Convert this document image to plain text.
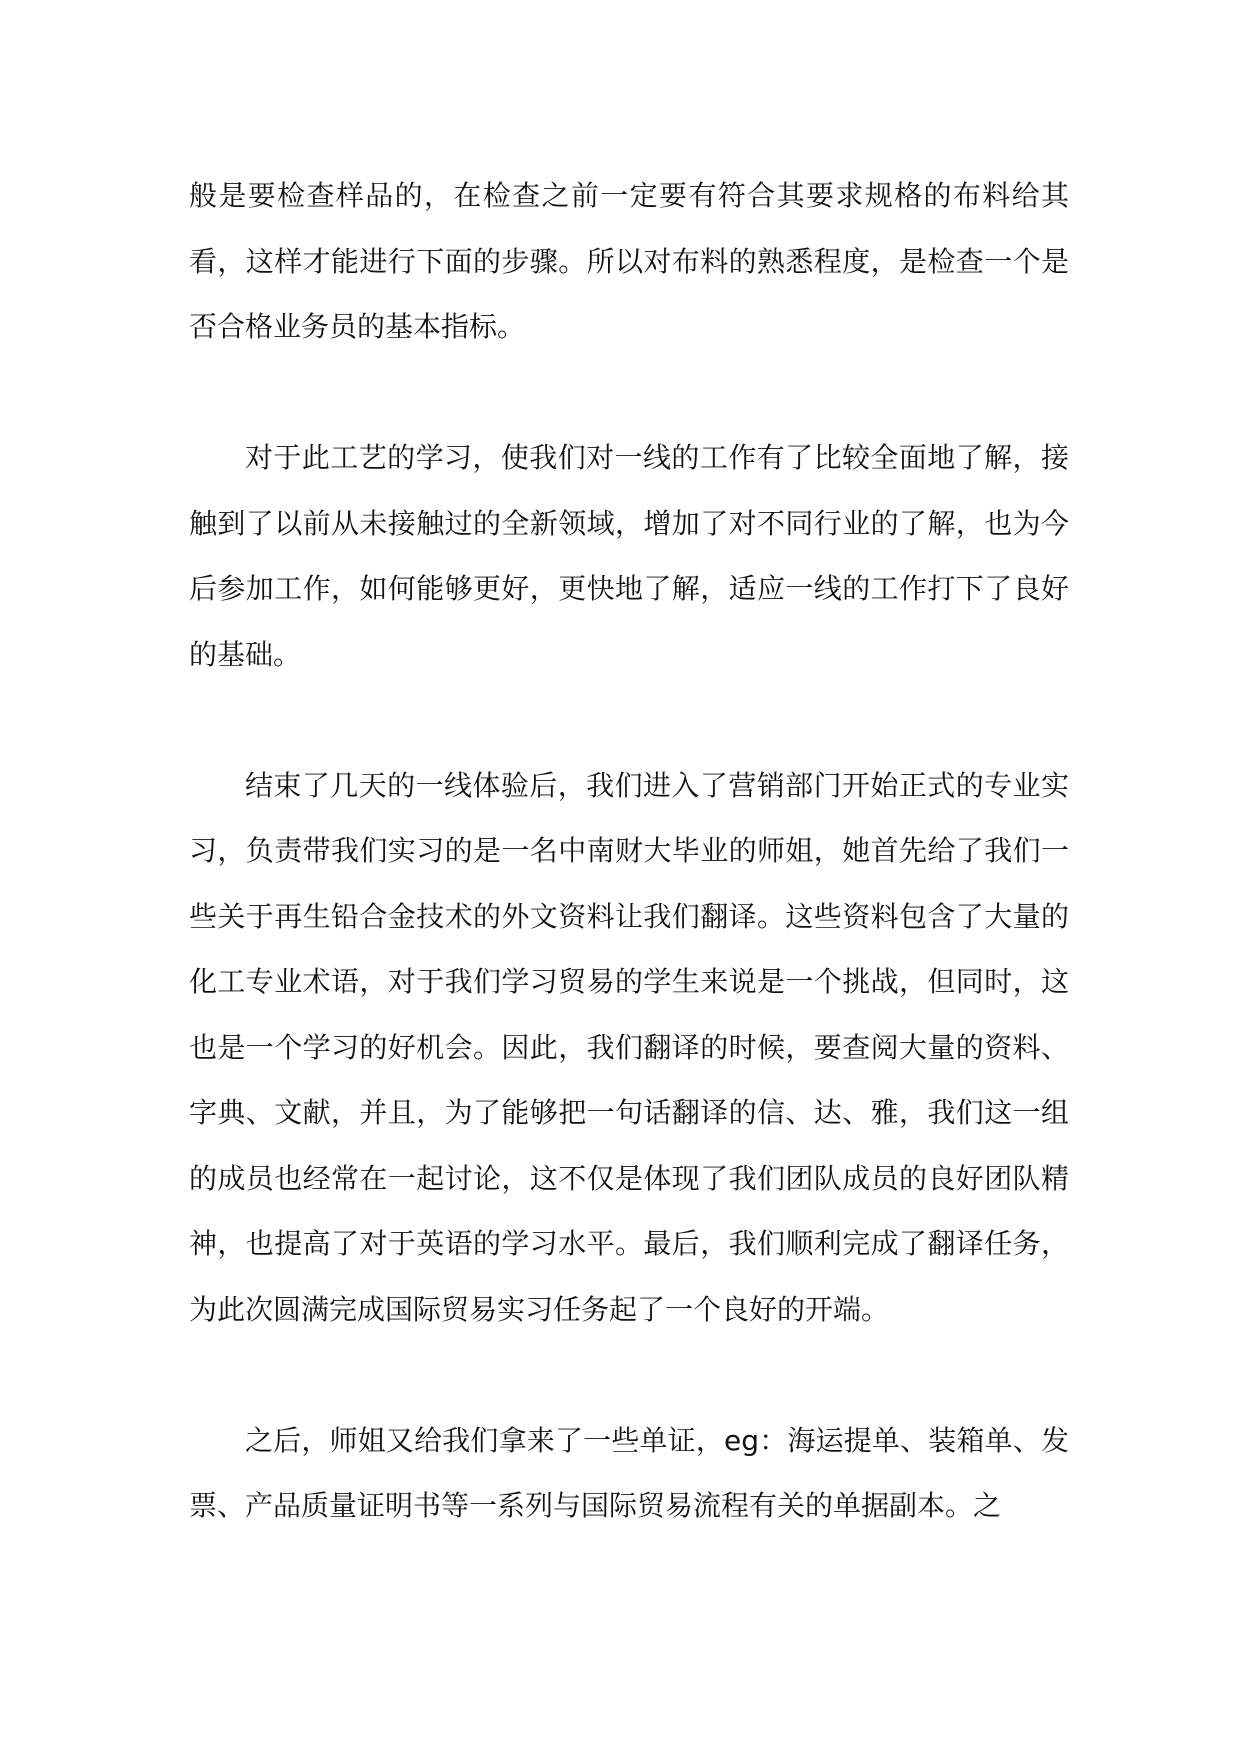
般是要检查样品的，在检查之前一定要有符合其要求规格的布料给其看，这样才能进行下面的步骤。所以对布料的熟悉程度，是检查一个是否合格业务员的基本指标。

对于此工艺的学习，使我们对一线的工作有了比较全面地了解，接触到了以前从未接触过的全新领域，增加了对不同行业的了解，也为今后参加工作，如何能够更好，更快地了解，适应一线的工作打下了良好的基础。

结束了几天的一线体验后，我们进入了营销部门开始正式的专业实习，负责带我们实习的是一名中南财大毕业的师姐，她首先给了我们一些关于再生铅合金技术的外文资料让我们翻译。这些资料包含了大量的化工专业术语，对于我们学习贸易的学生来说是一个挑战，但同时，这也是一个学习的好机会。因此，我们翻译的时候，要查阅大量的资料、字典、文献，并且，为了能够把一句话翻译的信、达、雅，我们这一组的成员也经常在一起讨论，这不仅是体现了我们团队成员的良好团队精神，也提高了对于英语的学习水平。最后，我们顺利完成了翻译任务，为此次圆满完成国际贸易实习任务起了一个良好的开端。

之后，师姐又给我们拿来了一些单证，eg：海运提单、装箱单、发票、产品质量证明书等一系列与国际贸易流程有关的单据副本。之
